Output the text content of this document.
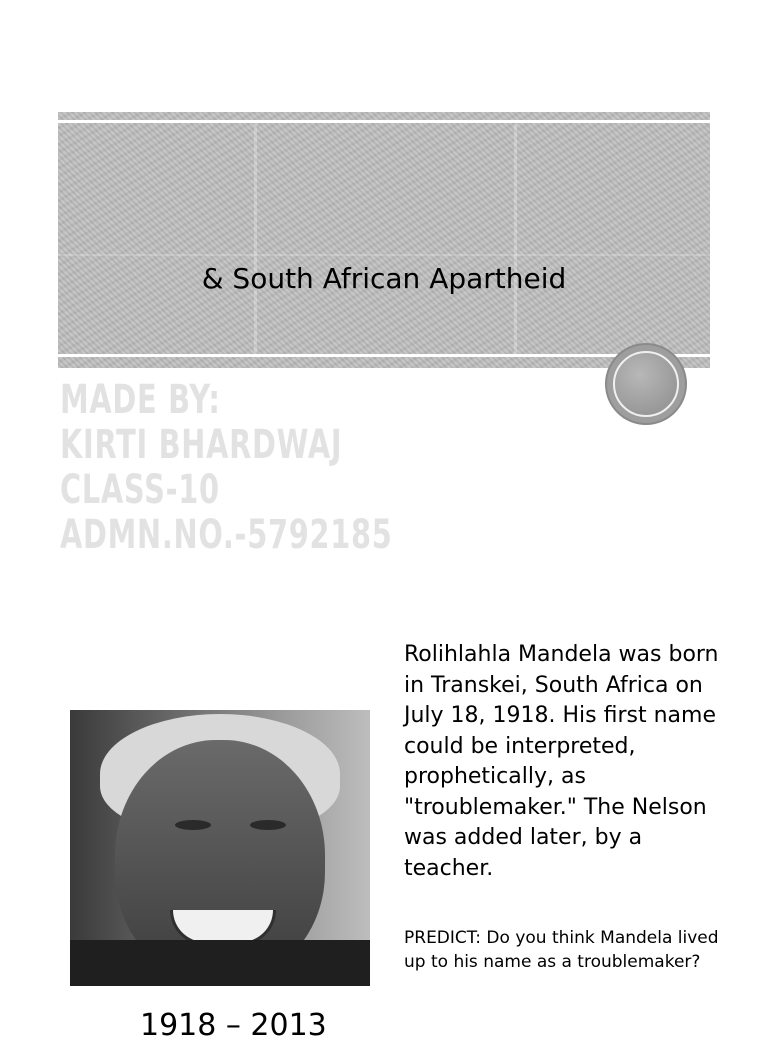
& South African Apartheid
MADE BY:
KIRTI BHARDWAJ
CLASS-10
ADMN.NO.-5792185
Rolihlahla Mandela was born in Transkei, South Africa on July 18, 1918. His first name could be interpreted, prophetically, as "troublemaker." The Nelson was added later, by a teacher.
PREDICT: Do you think Mandela lived up to his name as a troublemaker?
1918 – 2013
